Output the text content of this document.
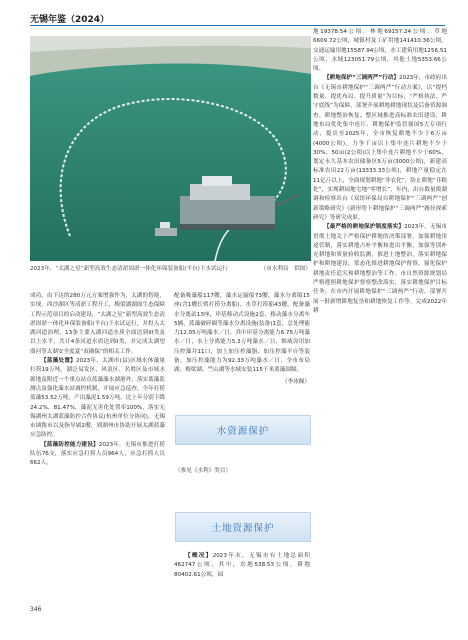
无锡年鉴（2024）
2023年，“太湖之星”新型高效生态清淤固淤一体化环保装备船(平台)下水试运行	（市水利局　供图）

成功。由下达的280万元方案增强作为，太湖的智能，实现，西沙湖区等清淤工程开工，梅梁湖湖面生态保障工程示范项目的启动建设，“太湖之星”新型高效生态清淤固淤一体化环保装备船(平台)下水试运行，并投入太湖河道治理，13条主要入湖河道水质全面达到III类及以上水平，共计4条河道水质达到II类，并完成太湖望虞河等太湖安全度夏“双确保”的相关工作。

【蓝藻处置】2023年，太湖市(县)区域水体藻量打捞19万吨，湖泛易发区、风浪区、名胜区及市域水源地及附近一个重点站点蓝藻藻水湖港外，落实蓝藻监测点及强化藻水站调控机制，开展应急巡查，全年打捞蓝藻53.52万吨，产出藻泥1.59万吨，比上年分别下降24.2%、81.47%，藻泥无害化处置率100%，落实无锡湖州太湖蓝藻防控合作协议(杭州单位分协同)，无锡市调拨市以及指导属2艘，到湖州市协助开展太湖蓝藻应急防控。

【蓝藻防控能力建设】2023年，无锡市推进打捞队伍76支，落实应急打捞人员964人，应急打捞人员662人，

配备吸藻船117艘，藻水运输船73艘、藻水分离船15座(含1艘长臂打捞分离船)、水草打捞船43艘，配备藻水分离站13座，岸基移动式设施2套、移动藻水分离车5辆，蓝藻破碎圈等藻水分离设施(装备)1套，总处理能力12.05万吨藻水／日，其中岸基分离能力6.75万吨藻水／日，水上分离能力5.3万吨藻水／日，维威设用加压控藻并11口，加上加压控藻器、加压控藻平台等装备，加压控藻能力为92.33万吨藻水／日，全市布局湖、梅梁湖、竺山湖等水域安装115千米蓝藻围隔。

（李冰佩）
水资源保护
（参见《水利》类目）
土地资源保护

【概况】2023年末，无锡市有土地总面积462747公顷，其中，农地538.53公顷，耕地80402.61公顷，园

地19378.54公顷，林地69157.24公顷，草地6609.72公顷，城镇村及工矿用地141410.36公顷，交通运输用地15587.94公顷，水工建筑用地1256.51公顷，水域123051.79公顷，其他土地5353.66公顷。

【耕地保护“三调两严”行动】2023年，市政府出台《无锡市耕地保护“三调两严”行动方案》，以“提档数量、提优布局、提升质量”为目标，“严格执法、严守底线”为保障，部署开展耕地耕地现状及后备资源调查、耕地整治恢复、整区域推进高标准农田建设、耕地布局优化集中连片、耕地保护监管强国5大专项行动，提出至2025年，全市恢复耕地不少于6万亩(4000公顷)，力争千亩以上集中连片耕地不少于30%、50亩(2公顷)以上集中连片耕地不少于60%，划定永久基本农田储备区5万亩(3000公顷)，新建高标准农田22万亩(13333.33公顷)，耕地产量稳定在11亿斤以上，全面规划耕地“非农化”，防止耕地“非粮化”，实现耕园地宅地“零增长”，年内，出台数量拨湖调和检察出台《双组环保局自耕地保护“三调两严”创新策略研究》《新形势下耕地保护“三调两严”路径探索研究》等研究成果。

【最严格的耕地保护制度落实】2023年，无锡市贯彻土地关于严格保护耕地的决策部署，加强耕地用途管制，落实耕地占补平衡和进出平衡，加强等别补充耕地和质量验收监测，推进土地整治，落实耕地保护和耕地建设。常态化推进耕地保护督察，强化保护耕地责任追究和耕地整治等工作。市自然资源规划局严格遵照耕地保护督察整改落实，落实耕地保护目标任务；在市内开展耕地保护“三调两严”行动，部署开展一批新增耕地复垦和耕地恢复工作等。完成2022年耕

346
